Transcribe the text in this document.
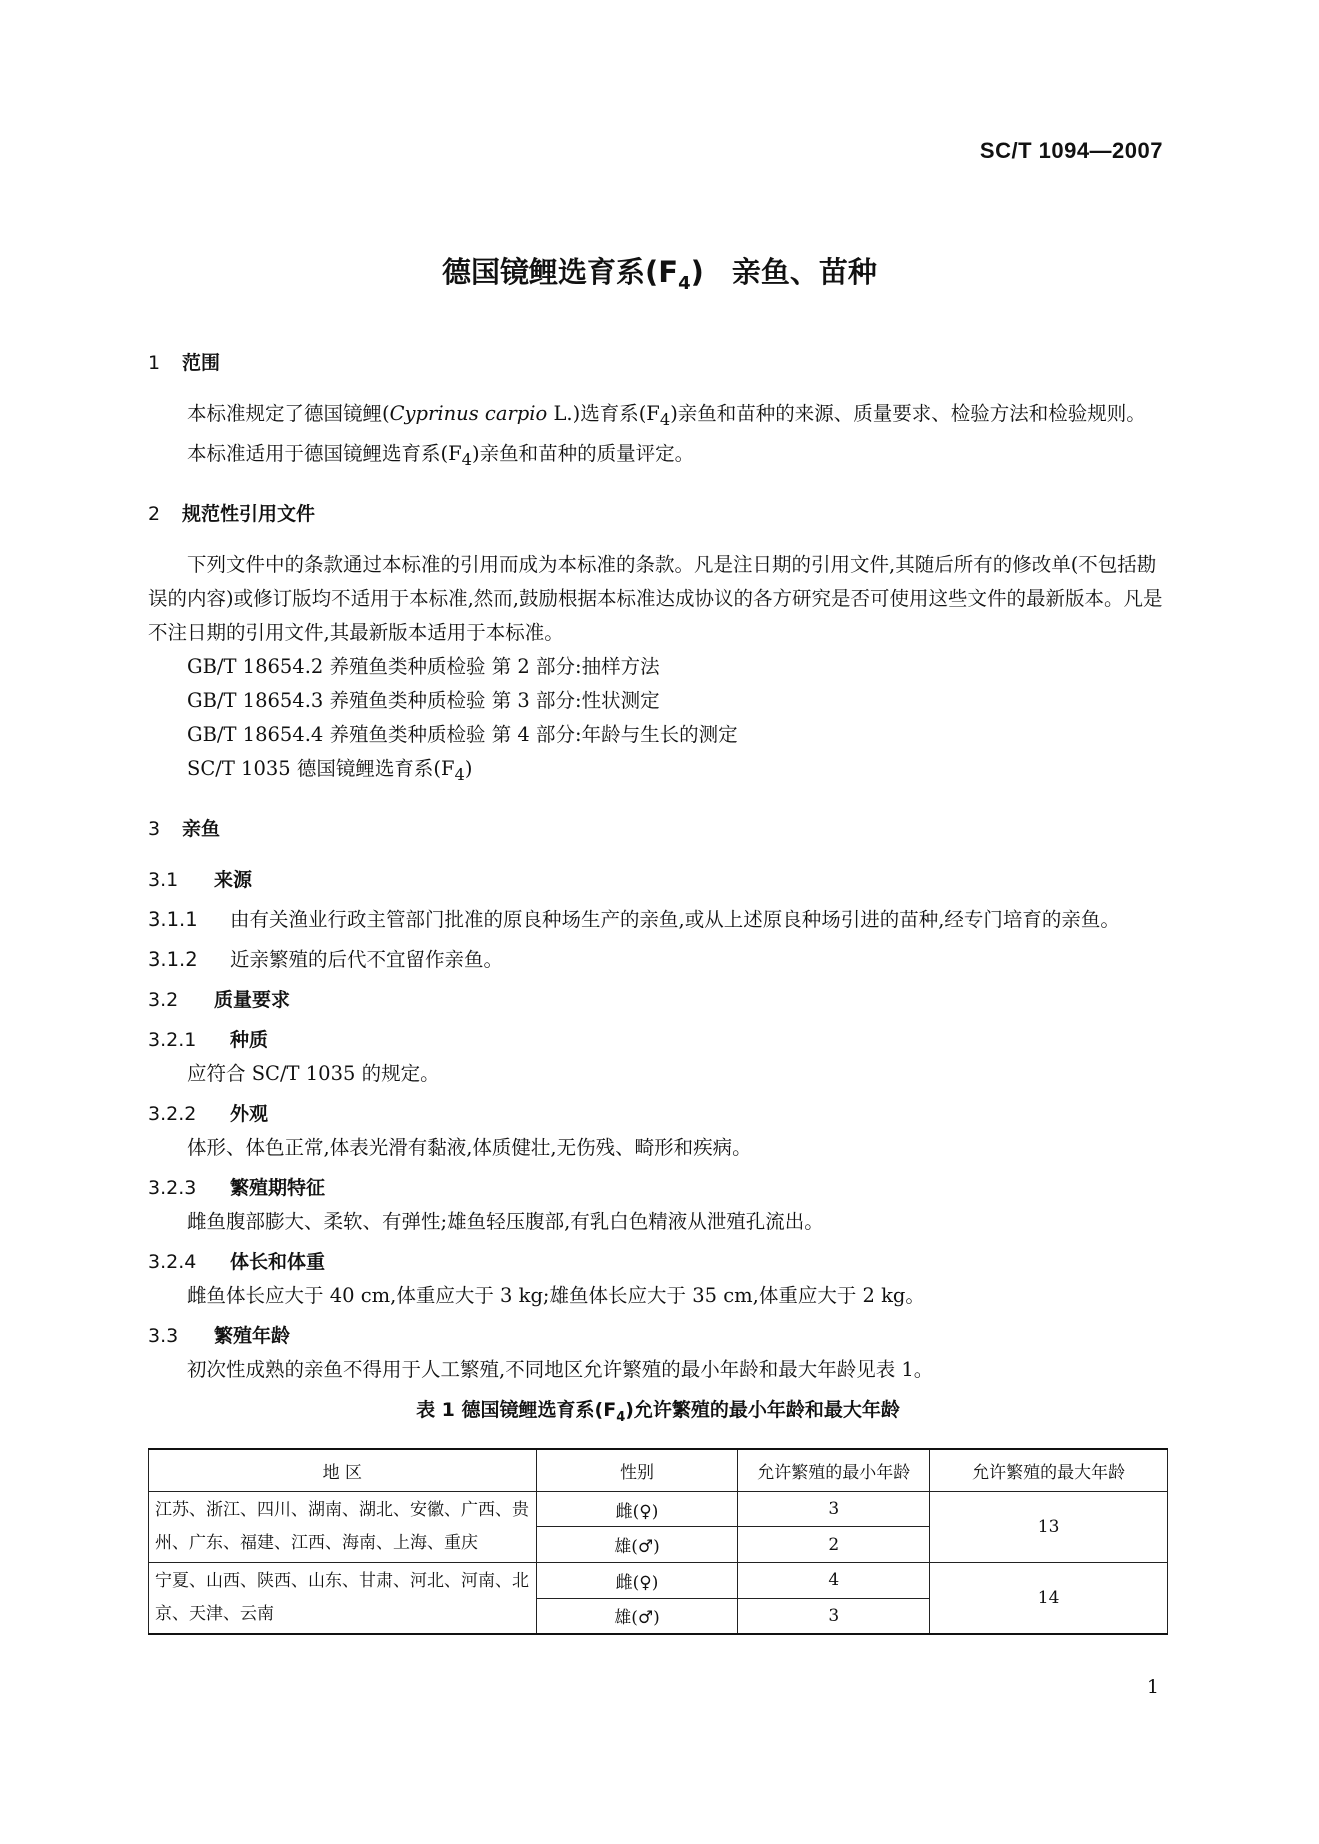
SC/T 1094—2007
德国镜鲤选育系$(F_4)$ 亲鱼、苗种
1 范围

本标准规定了德国镜鲤(Cyprinus carpio L.)选育系$(F_4)$亲鱼和苗种的来源、质量要求、检验方法和检验规则。

本标准适用于德国镜鲤选育系$(F_4)$亲鱼和苗种的质量评定。

2 规范性引用文件

下列文件中的条款通过本标准的引用而成为本标准的条款。凡是注日期的引用文件,其随后所有的修改单(不包括勘误的内容)或修订版均不适用于本标准,然而,鼓励根据本标准达成协议的各方研究是否可使用这些文件的最新版本。凡是不注日期的引用文件,其最新版本适用于本标准。

GB/T 18654.2 养殖鱼类种质检验 第 2 部分:抽样方法

GB/T 18654.3 养殖鱼类种质检验 第 3 部分:性状测定

GB/T 18654.4 养殖鱼类种质检验 第 4 部分:年龄与生长的测定

SC/T 1035 德国镜鲤选育系$(F_4)$

3 亲鱼
3.1 来源

3.1.1 由有关渔业行政主管部门批准的原良种场生产的亲鱼,或从上述原良种场引进的苗种,经专门培育的亲鱼。

3.1.2 近亲繁殖的后代不宜留作亲鱼。

3.2 质量要求
3.2.1 种质

应符合 SC/T 1035 的规定。

3.2.2 外观

体形、体色正常,体表光滑有黏液,体质健壮,无伤残、畸形和疾病。

3.2.3 繁殖期特征

雌鱼腹部膨大、柔软、有弹性;雄鱼轻压腹部,有乳白色精液从泄殖孔流出。

3.2.4 体长和体重

雌鱼体长应大于 40 cm,体重应大于 3 kg;雄鱼体长应大于 35 cm,体重应大于 2 kg。

3.3 繁殖年龄

初次性成熟的亲鱼不得用于人工繁殖,不同地区允许繁殖的最小年龄和最大年龄见表 1。

表 1 德国镜鲤选育系$(F_4)$允许繁殖的最小年龄和最大年龄
地 区	性别	允许繁殖的最小年龄	允许繁殖的最大年龄
江苏、浙江、四川、湖南、湖北、安徽、广西、贵州、广东、福建、江西、海南、上海、重庆	雌(♀)	3	13
	雄(♂)	2	
宁夏、山西、陕西、山东、甘肃、河北、河南、北京、天津、云南	雌(♀)	4	14
	雄(♂)	3	
1
